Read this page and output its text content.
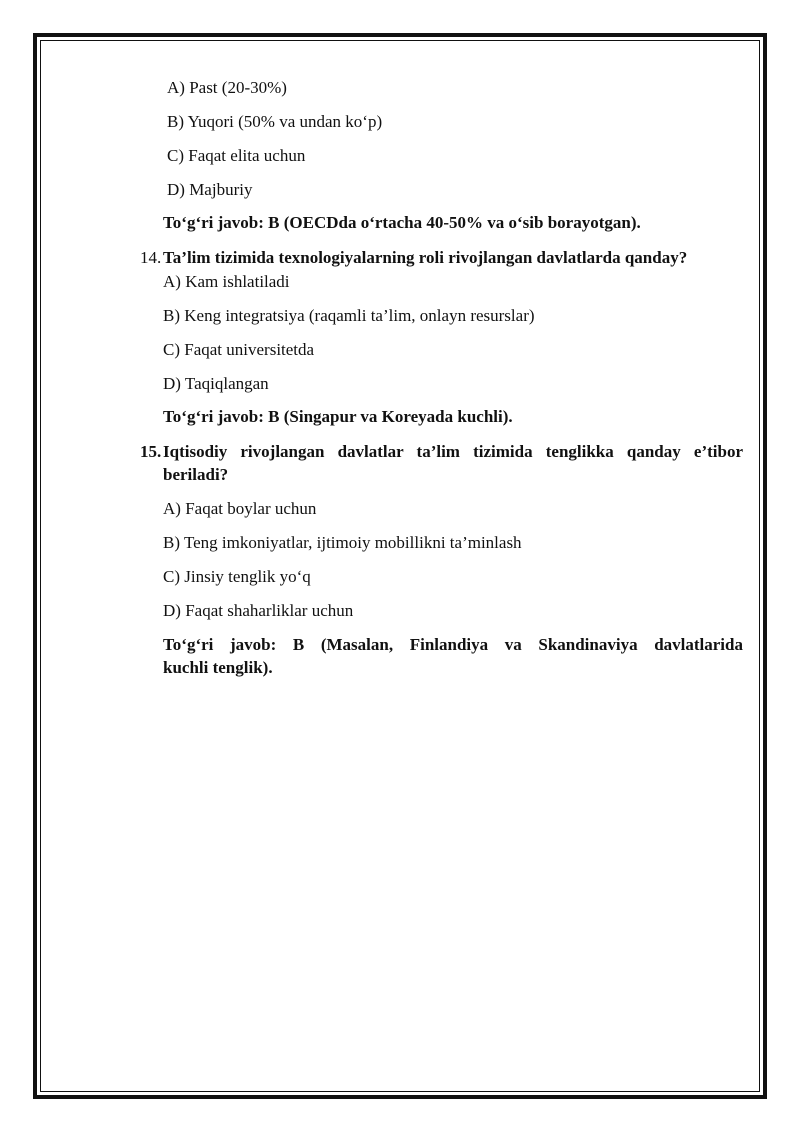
A) Past (20-30%)
B) Yuqori (50% va undan ko‘p)
C) Faqat elita uchun
D) Majburiy
To‘g‘ri javob: B (OECDda o‘rtacha 40-50% va o‘sib borayotgan).
14. Ta’lim tizimida texnologiyalarning roli rivojlangan davlatlarda qanday?
A) Kam ishlatiladi
B) Keng integratsiya (raqamli ta’lim, onlayn resurslar)
C) Faqat universitetda
D) Taqiqlangan
To‘g‘ri javob: B (Singapur va Koreyada kuchli).
15. Iqtisodiy rivojlangan davlatlar ta’lim tizimida tenglikka qanday e’tibor
beriladi?
A) Faqat boylar uchun
B) Teng imkoniyatlar, ijtimoiy mobillikni ta’minlash
C) Jinsiy tenglik yo‘q
D) Faqat shaharliklar uchun
To‘g‘ri javob: B (Masalan, Finlandiya va Skandinaviya davlatlarida
kuchli tenglik).
